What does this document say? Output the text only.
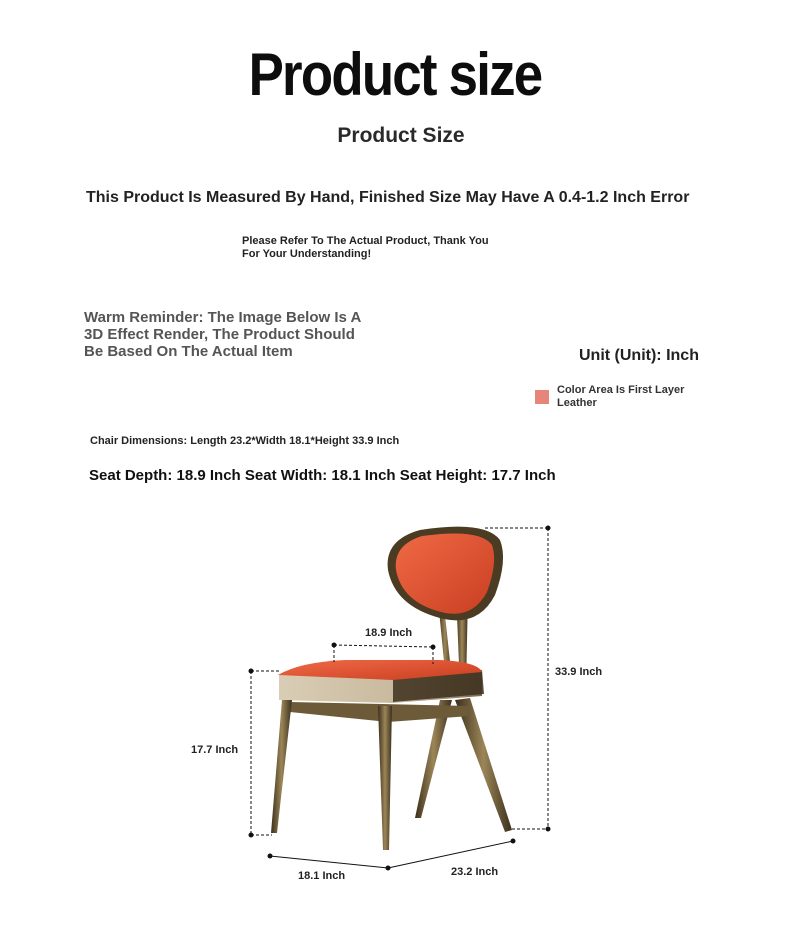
Product size
Product Size
This Product Is Measured By Hand, Finished Size May Have A 0.4-1.2 Inch Error
Please Refer To The Actual Product, Thank You For Your Understanding!
Warm Reminder: The Image Below Is A 3D Effect Render, The Product Should Be Based On The Actual Item	Unit (Unit): Inch
Color Area Is First Layer Leather
Chair Dimensions: Length 23.2*Width 18.1*Height 33.9 Inch
Seat Depth: 18.9 Inch Seat Width: 18.1 Inch Seat Height: 17.7 Inch
18.9 Inch
33.9 Inch
17.7 Inch
18.1 Inch	23.2 Inch
